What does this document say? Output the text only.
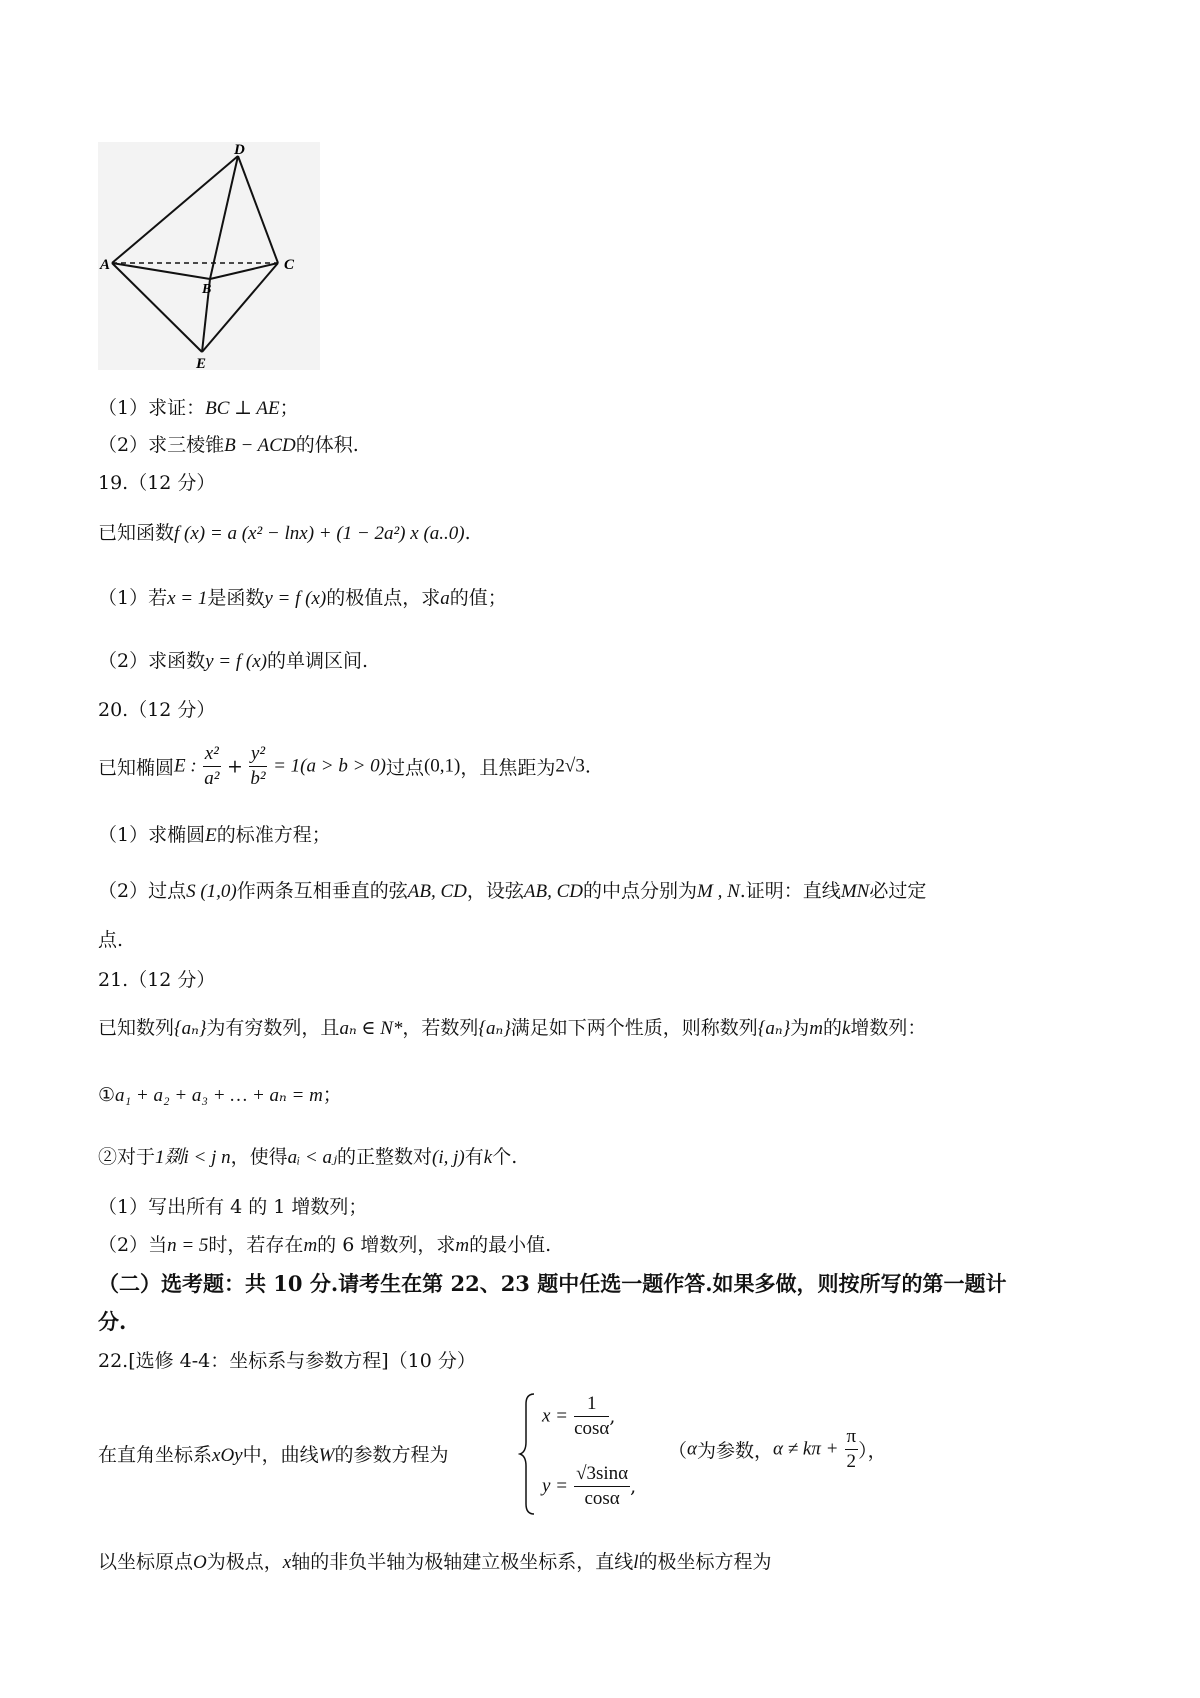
D
A	C
B
E
（1）求证：BC ⊥ AE；
（2）求三棱锥B − ACD的体积.
19.（12 分）
已知函数f (x) = a (x² − lnx) + (1 − 2a²) x (a..0).
（1）若x = 1是函数y = f (x)的极值点，求a的值；
（2）求函数y = f (x)的单调区间.
20.（12 分）
已知椭圆E : $\frac{\text{x²}}{\text{a²}} + \frac{\text{y²}}{\text{b²}} = 1(a > b > 0)$过点(0,1)，且焦距为2√3.
（1）求椭圆E的标准方程；
（2）过点S (1,0)作两条互相垂直的弦AB, CD，设弦AB, CD的中点分别为M , N.证明：直线MN必过定
点.
21.（12 分）
已知数列{aₙ}为有穷数列，且aₙ ∈ N*，若数列{aₙ}满足如下两个性质，则称数列{aₙ}为m的k增数列：
①a₁ + a₂ + a₃ + … + aₙ = m；
②对于1剟i < j n，使得aᵢ < aⱼ的正整数对(i, j)有k个.
（1）写出所有 4 的 1 增数列；
（2）当n = 5时，若存在m的 6 增数列，求m的最小值.
（二）选考题：共 10 分.请考生在第 22、23 题中任选一题作答.如果多做，则按所写的第一题计
分.
22.[选修 4-4：坐标系与参数方程]（10 分）
在直角坐标系xOy中，曲线W的参数方程为
$x = \frac{1}{\cos\alpha}$ ,
$y = \frac{√3\sin\alpha}{\cos\alpha}$ ,
（α为参数，$\alpha \ne k\pi + \frac{\pi}{2}$ ），
以坐标原点O为极点，x轴的非负半轴为极轴建立极坐标系，直线l的极坐标方程为
